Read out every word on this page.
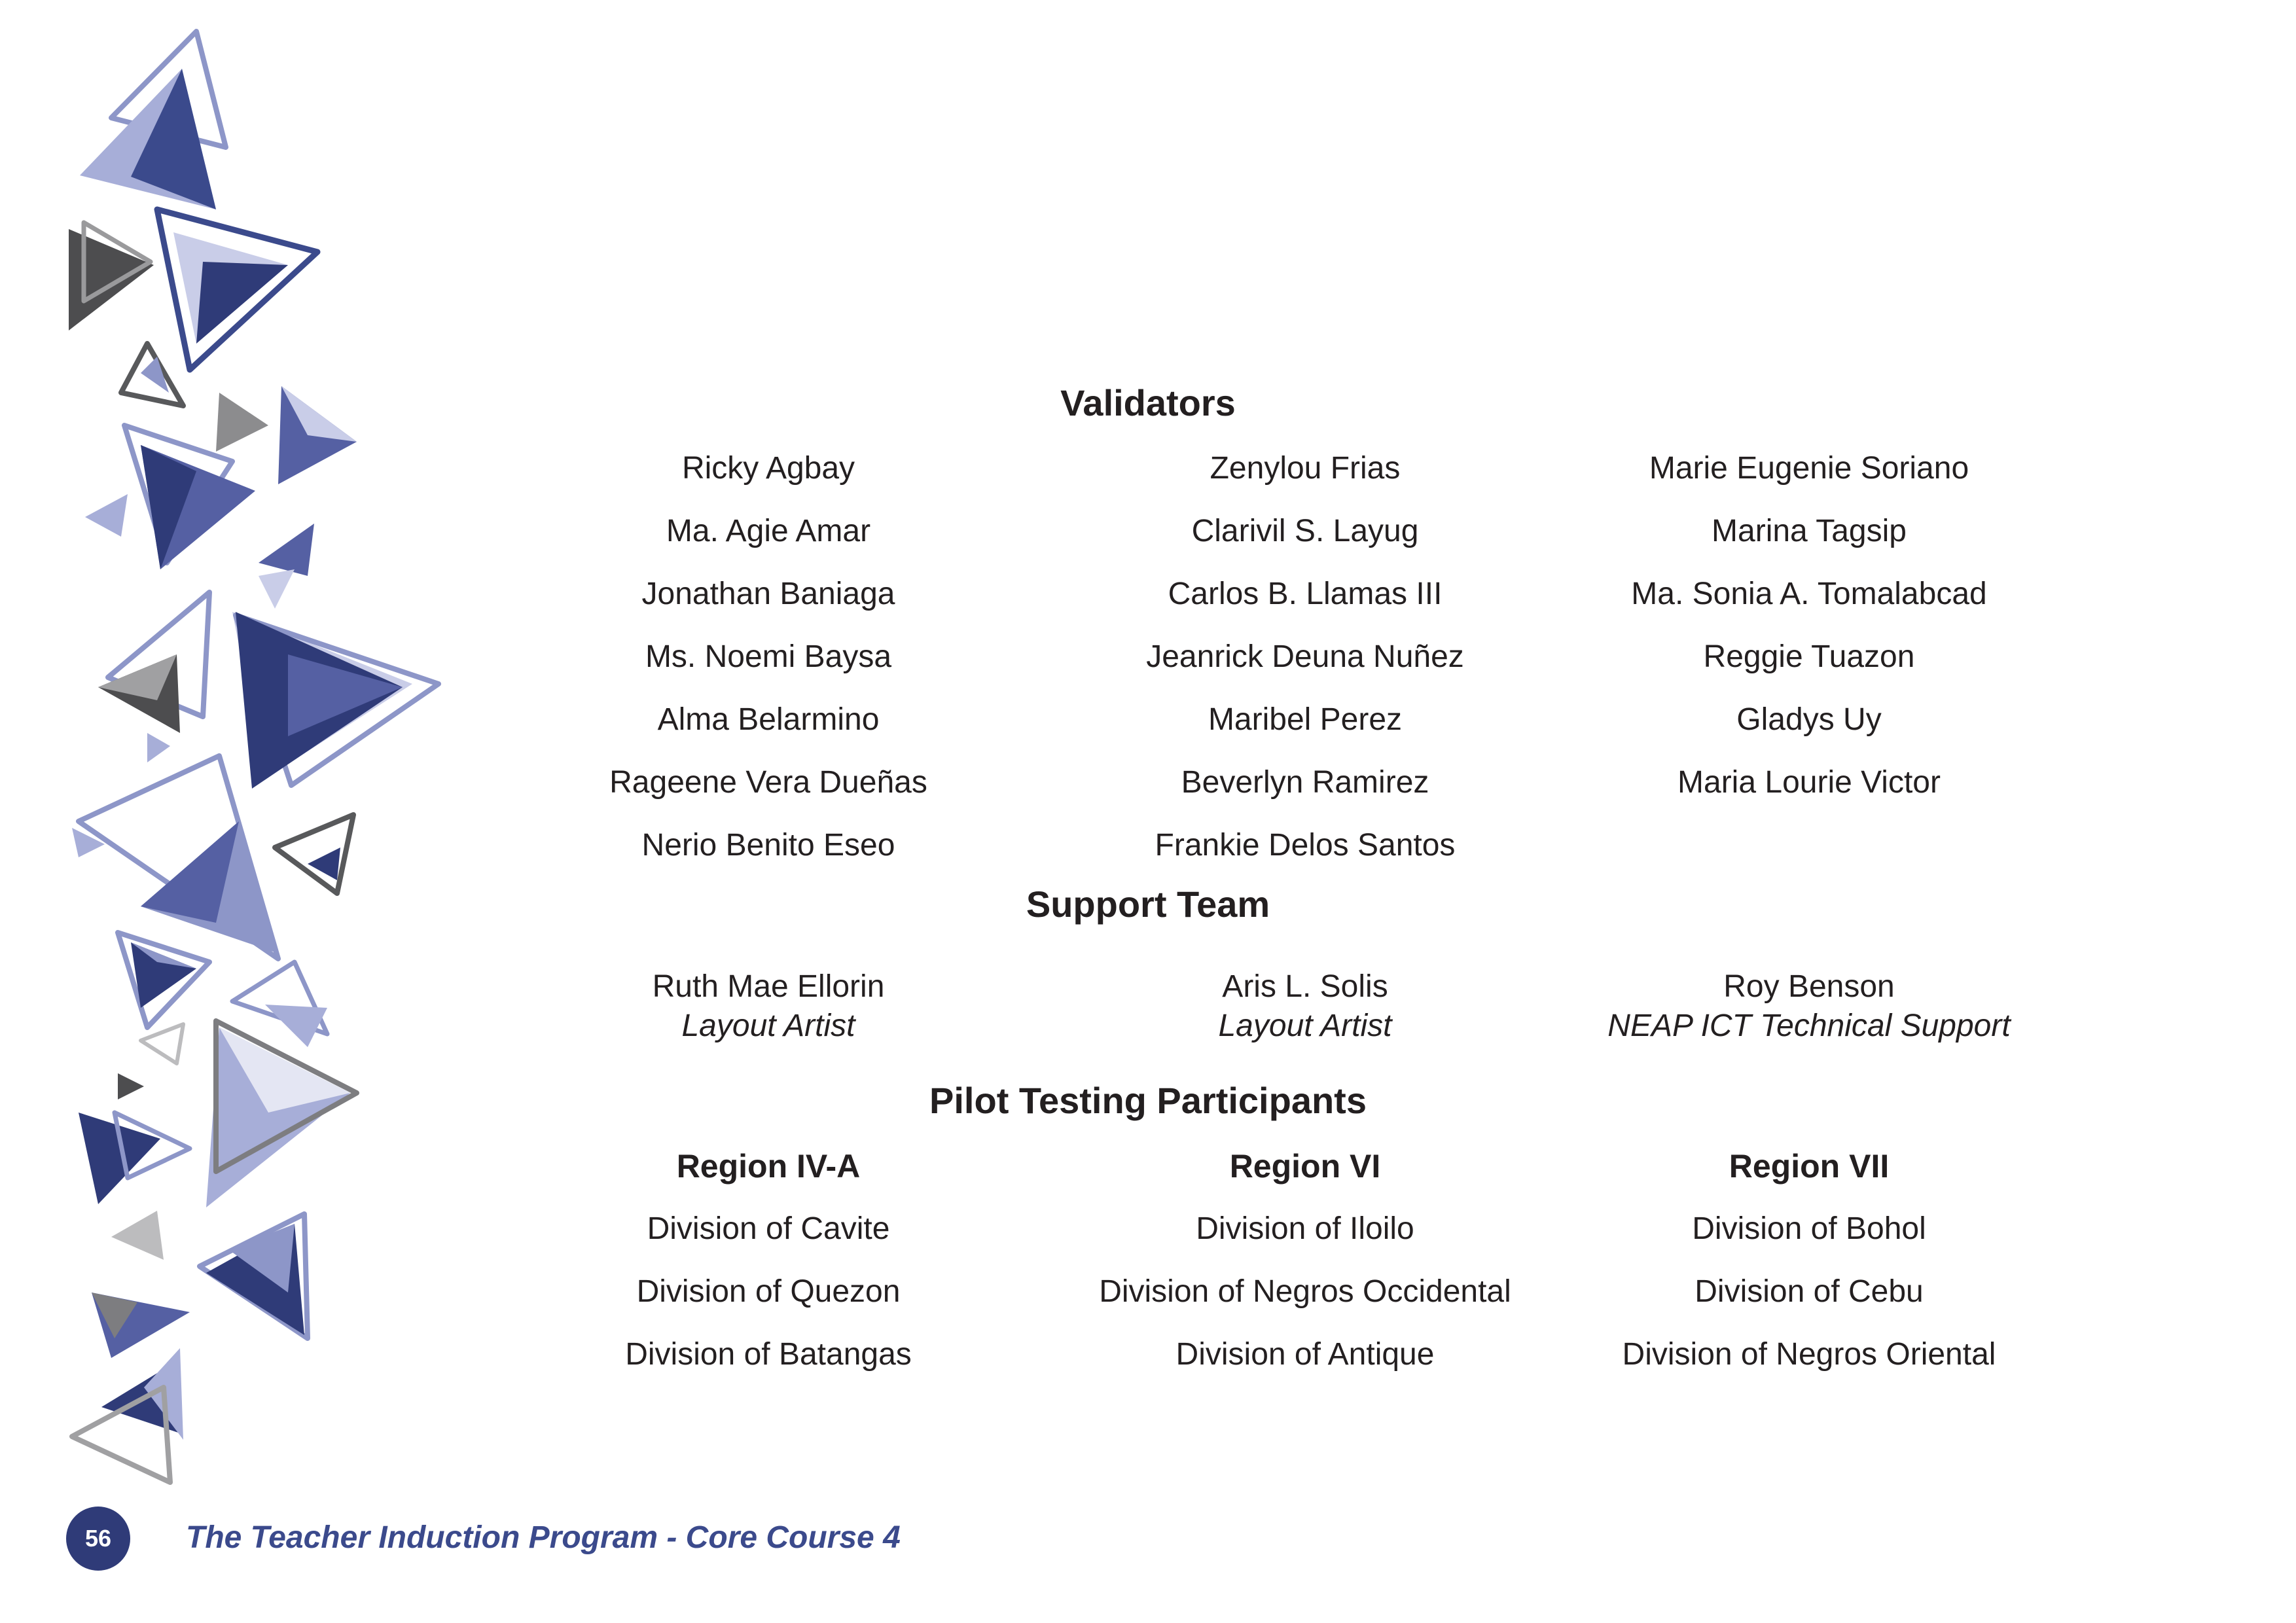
Validators
Ricky Agbay
Ma. Agie Amar
Jonathan Baniaga
Ms. Noemi Baysa
Alma Belarmino
Rageene Vera Dueñas
Nerio Benito Eseo
Zenylou Frias
Clarivil S. Layug
Carlos B. Llamas III
Jeanrick Deuna Nuñez
Maribel Perez
Beverlyn Ramirez
Frankie Delos Santos
Marie Eugenie Soriano
Marina Tagsip
Ma. Sonia A. Tomalabcad
Reggie Tuazon
Gladys Uy
Maria Lourie Victor
Support Team
Ruth Mae Ellorin
Layout Artist
Aris L. Solis
Layout Artist
Roy Benson
NEAP ICT Technical Support
Pilot Testing Participants
Region IV-A
Division of Cavite
Division of Quezon
Division of Batangas
Region VI
Division of Iloilo
Division of Negros Occidental
Division of Antique
Region VII
Division of Bohol
Division of Cebu
Division of Negros Oriental
56	The Teacher Induction Program - Core Course 4
